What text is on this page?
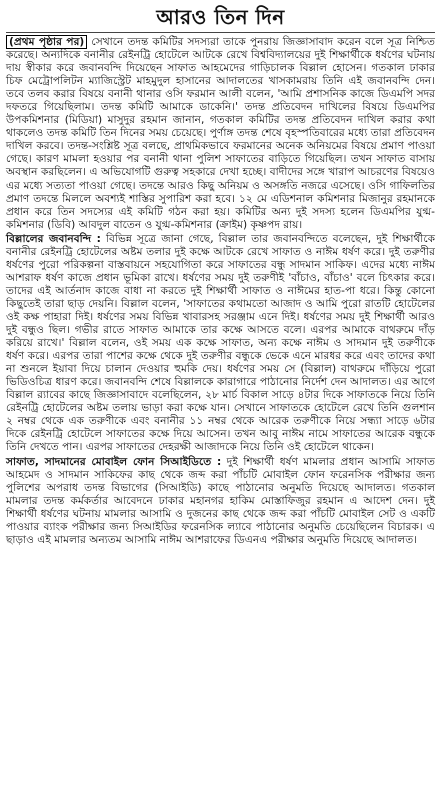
আরও তিন দিন

(প্রথম পৃষ্ঠার পর) সেখানে তদন্ত কমিটির সদস্যরা তাকে পুনরায় জিজ্ঞাসাবাদ করেন বলে সূত্র নিশ্চিত করেছে। অন্যদিকে বনানীর রেইনট্রি হোটেলে আটকে রেখে বিশ্ববিদ্যালয়ের দুই শিক্ষার্থীকে ধর্ষণের ঘটনায় দায় স্বীকার করে জবানবন্দি দিয়েছেন সাফাত আহমেদের গাড়িচালক বিল্লাল হোসেন। গতকাল ঢাকার চিফ মেট্রোপলিটন ম্যাজিস্ট্রেট মাহমুদুল হাসানের আদালতের খাসকামরায় তিনি এই জবানবন্দি দেন। তবে তলব করার বিষয়ে বনানী থানার ওসি ফরমান আলী বলেন, 'আমি প্রশাসনিক কাজে ডিএমপি সদর দফতরে গিয়েছিলাম। তদন্ত কমিটি আমাকে ডাকেনি।' তদন্ত প্রতিবেদন দাখিলের বিষয়ে ডিএমপির উপকমিশনার (মিডিয়া) মাসুদুর রহমান জানান, গতকাল কমিটির তদন্ত প্রতিবেদন দাখিল করার কথা থাকলেও তদন্ত কমিটি তিন দিনের সময় চেয়েছে। পুর্ণাঙ্গ তদন্ত শেষে বৃহস্পতিবারের মধ্যে তারা প্রতিবেদন দাখিল করবে। তদন্ত-সংশ্লিষ্ট সূত্র বলছে, প্রাথমিকভাবে ফরমানের অনেক অনিয়মের বিষয়ে প্রমাণ পাওয়া গেছে। কারণ মামলা হওয়ার পর বনানী থানা পুলিশ সাফাতের বাড়িতে গিয়েছিল। তখন সাফাত বাসায় অবস্থান করছিলেন। এ অভিযোগটি গুরুত্ব সহকারে দেখা হচ্ছে। বাদীদের সঙ্গে খারাপ আচরণের বিষয়েও এর মধ্যে সত্যতা পাওয়া গেছে। তদন্তে আরও কিছু অনিয়ম ও অসঙ্গতি নজরে এসেছে। ওসি গাফিলতির প্রমাণ তদন্তে মিললে অবশ্যই শাস্তির সুপারিশ করা হবে। ১২ মে এডিশনাল কমিশনার মিজানুর রহমানকে প্রধান করে তিন সদস্যের এই কমিটি গঠন করা হয়। কমিটির অন্য দুই সদস্য হলেন ডিএমপির যুগ্ম-কমিশনার (ডিবি) আবদুল বাতেন ও যুগ্ম-কমিশনার (ক্রাইম) কৃষ্ণপদ রায়।

বিল্লালের জবানবন্দি : বিভিন্ন সূত্রে জানা গেছে, বিল্লাল তার জবানবন্দিতে বলেছেন, দুই শিক্ষার্থীকে বনানীর রেইনট্রি হোটেলের অষ্টম তলার দুই কক্ষে আটকে রেখে সাফাত ও নাঈম ধর্ষণ করে। দুই তরুণীর ধর্ষণের পুরো পরিকল্পনা বাস্তবায়নে সহযোগিতা করে সাফাতের বন্ধু সাদমান সাকিফ। এদের মধ্যে নাঈম আশরাফ ধর্ষণ কাজে প্রধান ভূমিকা রাখে। ধর্ষণের সময় দুই তরুণীই 'বাঁচাও, বাঁচাও' বলে চিৎকার করে। তাদের এই আর্তনাদ কাজে বাধা না করতে দুই শিক্ষার্থী সাফাত ও নাঈমের হাত-পা ধরে। কিন্তু কোনো কিছুতেই তারা ছাড় দেয়নি। বিল্লাল বলেন, 'সাফাতের কথামতো আজাদ ও আমি পুরো রাতটি হোটেলের ওই কক্ষ পাহারা দিই। ধর্ষণের সময় বিভিন্ন খাবারসহ সরঞ্জাম এনে দিই। ধর্ষণের সময় দুই শিক্ষার্থী আরও দুই বন্ধুও ছিল। গভীর রাতে সাফাত আমাকে তার কক্ষে আসতে বলে। এরপর আমাকে বাথরুমে দাঁড় করিয়ে রাখে।' বিল্লাল বলেন, ওই সময় এক কক্ষে সাফাত, অন্য কক্ষে নাঈম ও সাদমান দুই তরুণীকে ধর্ষণ করে। এরপর তারা পাশের কক্ষে থেকে দুই তরুণীর বন্ধুকে ভেকে এনে মারধর করে এবং তাদের কথা না শুনলে ইয়াবা দিয়ে চালান দেওয়ার হুমকি দেয়। ধর্ষণের সময় সে (বিল্লাল) বাথরুমে দাঁড়িয়ে পুরো ভিডিওচিত্র ধারণ করে। জবানবন্দি শেষে বিল্লালকে কারাগারে পাঠানোর নির্দেশ দেন আদালত। এর আগে বিল্লাল র‌্যাবের কাছে জিজ্ঞাসাবাদে বলেছিলেন, ২৮ মার্চ বিকাল সাড়ে ৪টার দিকে সাফাতকে নিয়ে তিনি রেইনট্রি হোটেলের অষ্টম তলায় ভাড়া করা কক্ষে যান। সেখানে সাফাতকে হোটেলে রেখে তিনি গুলশান ২ নম্বর থেকে এক তরুণীকে এবং বনানীর ১১ নম্বর থেকে আরেক তরুণীকে নিয়ে সন্ধ্যা সাড়ে ৬টার দিকে রেইনট্রি হোটেলে সাফাতের কক্ষে দিয়ে আসেন। তখন আবু নাঈম নামে সাফাতের আরেক বন্ধুকে তিনি দেখতে পান। এরপর সাফাতের দেহরক্ষী আজাদকে নিয়ে তিনি ওই হোটেলে থাকেন।

সাফাত, সাদমানের মোবাইল ফোন সিআইডিতে : দুই শিক্ষার্থী ধর্ষণ মামলার প্রধান আসামি সাফাত আহমেদ ও সাদমান সাকিফের কাছ থেকে জব্দ করা পাঁচটি মোবাইল ফোন ফরেনসিক পরীক্ষার জন্য পুলিশের অপরাধ তদন্ত বিভাগের (সিআইডি) কাছে পাঠানোর অনুমতি দিয়েছে আদালত। গতকাল মামলার তদন্ত কর্মকর্তার আবেদনে ঢাকার মহানগর হাকিম মোস্তাফিজুর রহমান এ আদেশ দেন। দুই শিক্ষার্থী ধর্ষণের ঘটনায় মামলার আসামি ও দুজনের কাছ থেকে জব্দ করা পাঁচটি মোবাইল সেট ও একটি পাওয়ার ব্যাংক পরীক্ষার জন্য সিআইডির ফরেনসিক ল্যাবে পাঠানোর অনুমতি চেয়েছিলেন বিচারক। এ ছাড়াও এই মামলার অন্যতম আসামি নাঈম আশরাফের ডিএনএ পরীক্ষার অনুমতি দিয়েছে আদালত।
